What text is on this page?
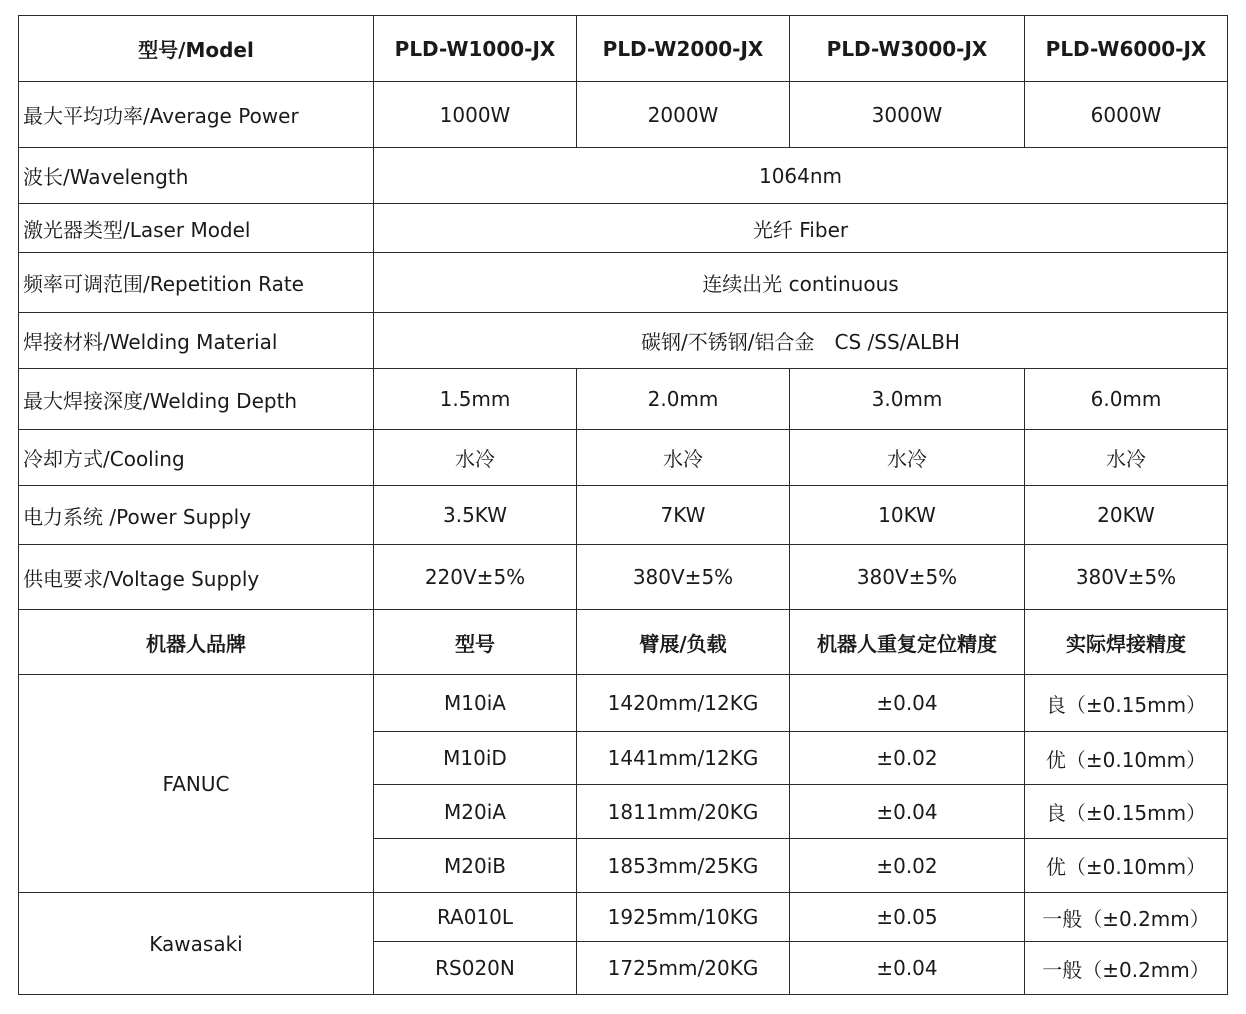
型号/Model	PLD-W1000-JX	PLD-W2000-JX	PLD-W3000-JX	PLD-W6000-JX
最大平均功率/Average Power	1000W	2000W	3000W	6000W
波长/Wavelength	1064nm			
激光器类型/Laser Model	光纤 Fiber			
频率可调范围/Repetition Rate	连续出光 continuous			
焊接材料/Welding Material	碳钢/不锈钢/铝合金　CS /SS/ALBH			
最大焊接深度/Welding Depth	1.5mm	2.0mm	3.0mm	6.0mm
冷却方式/Cooling	水冷	水冷	水冷	水冷
电力系统 /Power Supply	3.5KW	7KW	10KW	20KW
供电要求/Voltage Supply	220V±5%	380V±5%	380V±5%	380V±5%
机器人品牌	型号	臂展/负载	机器人重复定位精度	实际焊接精度
FANUC	M10iA	1420mm/12KG	±0.04	良（±0.15mm）
	M10iD	1441mm/12KG	±0.02	优（±0.10mm）
	M20iA	1811mm/20KG	±0.04	良（±0.15mm）
	M20iB	1853mm/25KG	±0.02	优（±0.10mm）
Kawasaki	RA010L	1925mm/10KG	±0.05	一般（±0.2mm）
	RS020N	1725mm/20KG	±0.04	一般（±0.2mm）
